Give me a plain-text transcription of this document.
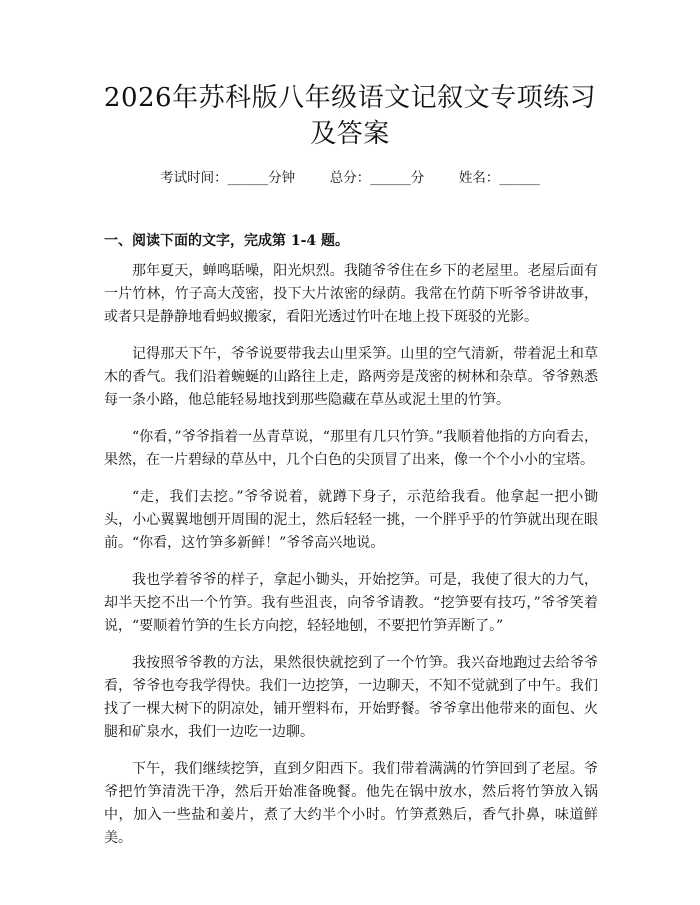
2026年苏科版八年级语文记叙文专项练习及答案
考试时间：______分钟	总分：______分	姓名：______
一、阅读下面的文字，完成第 1-4 题。

那年夏天，蝉鸣聒噪，阳光炽烈。我随爷爷住在乡下的老屋里。老屋后面有一片竹林，竹子高大茂密，投下大片浓密的绿荫。我常在竹荫下听爷爷讲故事，或者只是静静地看蚂蚁搬家，看阳光透过竹叶在地上投下斑驳的光影。

记得那天下午，爷爷说要带我去山里采笋。山里的空气清新，带着泥土和草木的香气。我们沿着蜿蜒的山路往上走，路两旁是茂密的树林和杂草。爷爷熟悉每一条小路，他总能轻易地找到那些隐藏在草丛或泥土里的竹笋。

“你看，”爷爷指着一丛青草说，“那里有几只竹笋。”我顺着他指的方向看去，果然，在一片碧绿的草丛中，几个白色的尖顶冒了出来，像一个个小小的宝塔。

“走，我们去挖。”爷爷说着，就蹲下身子，示范给我看。他拿起一把小锄头，小心翼翼地刨开周围的泥土，然后轻轻一挑，一个胖乎乎的竹笋就出现在眼前。“你看，这竹笋多新鲜！”爷爷高兴地说。

我也学着爷爷的样子，拿起小锄头，开始挖笋。可是，我使了很大的力气，却半天挖不出一个竹笋。我有些沮丧，向爷爷请教。“挖笋要有技巧，”爷爷笑着说，“要顺着竹笋的生长方向挖，轻轻地刨，不要把竹笋弄断了。”

我按照爷爷教的方法，果然很快就挖到了一个竹笋。我兴奋地跑过去给爷爷看，爷爷也夸我学得快。我们一边挖笋，一边聊天，不知不觉就到了中午。我们找了一棵大树下的阴凉处，铺开塑料布，开始野餐。爷爷拿出他带来的面包、火腿和矿泉水，我们一边吃一边聊。

下午，我们继续挖笋，直到夕阳西下。我们带着满满的竹笋回到了老屋。爷爷把竹笋清洗干净，然后开始准备晚餐。他先在锅中放水，然后将竹笋放入锅中，加入一些盐和姜片，煮了大约半个小时。竹笋煮熟后，香气扑鼻，味道鲜美。
